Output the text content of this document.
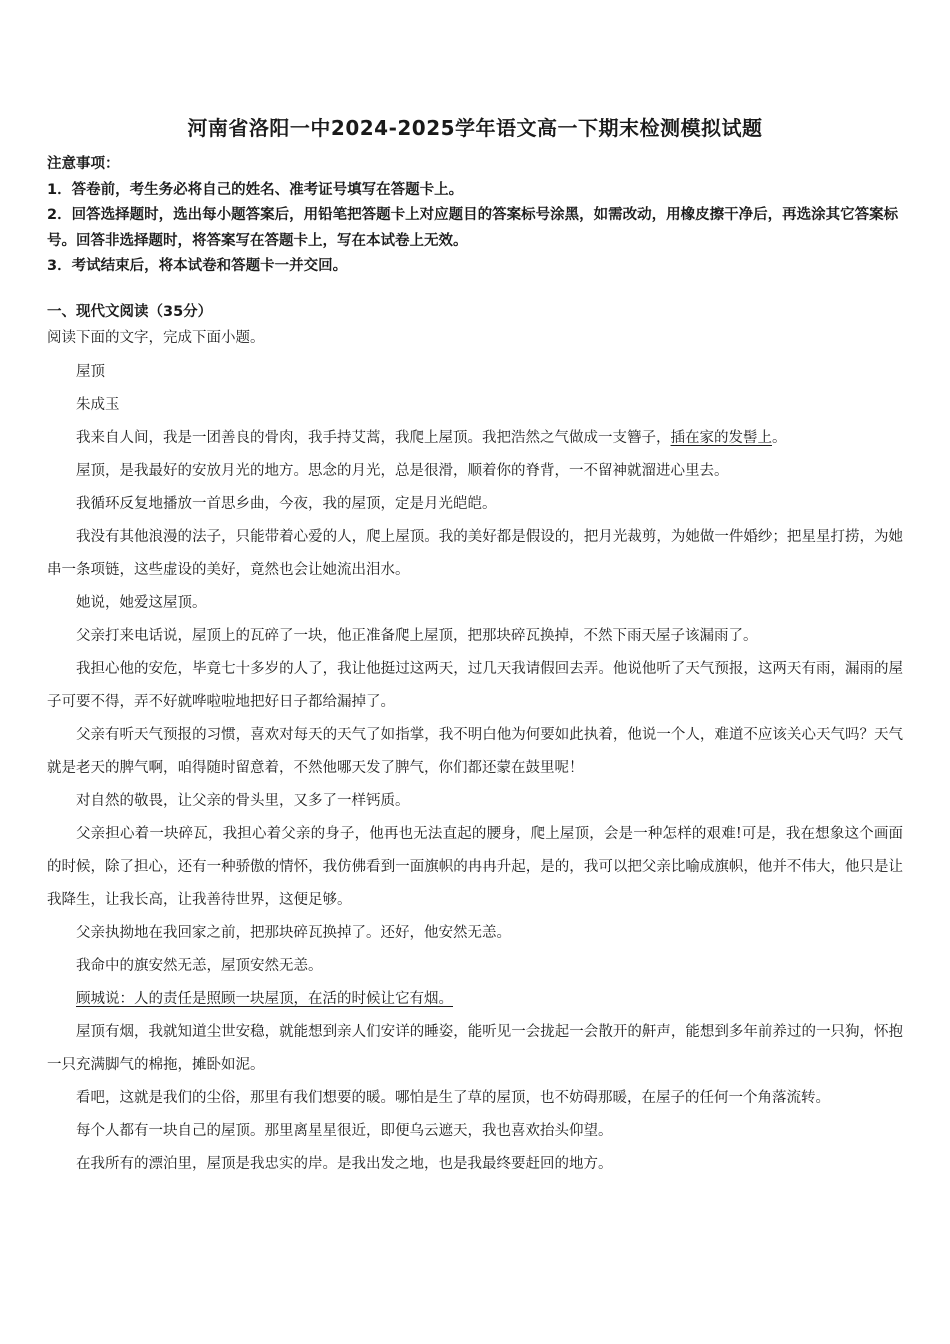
河南省洛阳一中2024-2025学年语文高一下期末检测模拟试题

注意事项：

1．答卷前，考生务必将自己的姓名、准考证号填写在答题卡上。

2．回答选择题时，选出每小题答案后，用铅笔把答题卡上对应题目的答案标号涂黑，如需改动，用橡皮擦干净后，再选涂其它答案标号。回答非选择题时，将答案写在答题卡上，写在本试卷上无效。

3．考试结束后，将本试卷和答题卡一并交回。

一、现代文阅读（35分）
阅读下面的文字，完成下面小题。

屋顶

朱成玉

我来自人间，我是一团善良的骨肉，我手持艾蒿，我爬上屋顶。我把浩然之气做成一支簪子，插在家的发髻上。

屋顶，是我最好的安放月光的地方。思念的月光，总是很滑，顺着你的脊背，一不留神就溜进心里去。

我循环反复地播放一首思乡曲，今夜，我的屋顶，定是月光皑皑。

我没有其他浪漫的法子，只能带着心爱的人，爬上屋顶。我的美好都是假设的，把月光裁剪，为她做一件婚纱；把星星打捞，为她串一条项链，这些虚设的美好，竟然也会让她流出泪水。

她说，她爱这屋顶。

父亲打来电话说，屋顶上的瓦碎了一块，他正准备爬上屋顶，把那块碎瓦换掉，不然下雨天屋子该漏雨了。

我担心他的安危，毕竟七十多岁的人了，我让他挺过这两天，过几天我请假回去弄。他说他听了天气预报，这两天有雨，漏雨的屋子可要不得，弄不好就哗啦啦地把好日子都给漏掉了。

父亲有听天气预报的习惯，喜欢对每天的天气了如指掌，我不明白他为何要如此执着，他说一个人，难道不应该关心天气吗？天气就是老天的脾气啊，咱得随时留意着，不然他哪天发了脾气，你们都还蒙在鼓里呢！

对自然的敬畏，让父亲的骨头里，又多了一样钙质。

父亲担心着一块碎瓦，我担心着父亲的身子，他再也无法直起的腰身，爬上屋顶，会是一种怎样的艰难!可是，我在想象这个画面的时候，除了担心，还有一种骄傲的情怀，我仿佛看到一面旗帜的冉冉升起，是的，我可以把父亲比喻成旗帜，他并不伟大，他只是让我降生，让我长高，让我善待世界，这便足够。

父亲执拗地在我回家之前，把那块碎瓦换掉了。还好，他安然无恙。

我命中的旗安然无恙，屋顶安然无恙。

顾城说：人的责任是照顾一块屋顶，在活的时候让它有烟。

屋顶有烟，我就知道尘世安稳，就能想到亲人们安详的睡姿，能听见一会拢起一会散开的鼾声，能想到多年前养过的一只狗，怀抱一只充满脚气的棉拖，摊卧如泥。

看吧，这就是我们的尘俗，那里有我们想要的暖。哪怕是生了草的屋顶，也不妨碍那暖，在屋子的任何一个角落流转。

每个人都有一块自己的屋顶。那里离星星很近，即便乌云遮天，我也喜欢抬头仰望。

在我所有的漂泊里，屋顶是我忠实的岸。是我出发之地，也是我最终要赶回的地方。
